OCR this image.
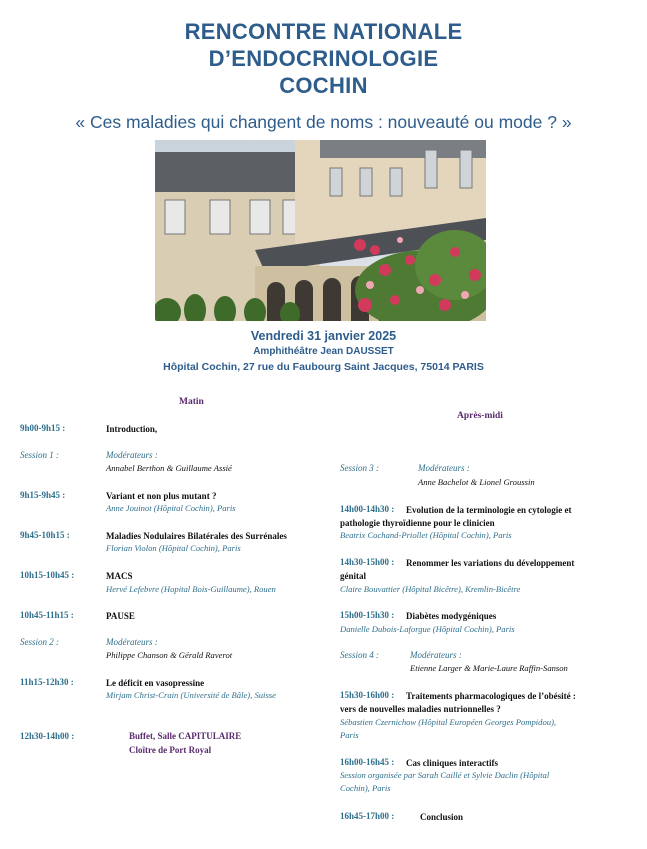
RENCONTRE NATIONALE
D’ENDOCRINOLOGIE
COCHIN
« Ces maladies qui changent de noms : nouveauté ou mode ? »
Vendredi 31 janvier 2025
Amphithéâtre Jean DAUSSET
Hôpital Cochin, 27 rue du Faubourg Saint Jacques, 75014 PARIS
Matin
Après-midi
9h00-9h15 :	Introduction,
Session 1 :	Modérateurs :
Annabel Berthon & Guillaume Assié
9h15-9h45 :	Variant et non plus mutant ?
Anne Jouinot (Hôpital Cochin), Paris
9h45-10h15 :	Maladies Nodulaires Bilatérales des Surrénales
Florian Violon (Hôpital Cochin), Paris
10h15-10h45 :	MACS
Hervé Lefebvre (Hopital Bois-Guillaume), Rouen
10h45-11h15 :	PAUSE
Session 2 :	Modérateurs :
Philippe Chanson & Gérald Raverot
11h15-12h30 :	Le déficit en vasopressine
Mirjam Christ-Crain (Université de Bâle), Suisse
12h30-14h00 :	Buffet, Salle CAPITULAIRE
Cloître de Port Royal
Session 3 :	Modérateurs :
Anne Bachelot & Lionel Groussin
14h00-14h30 : Evolution de la terminologie en cytologie et
pathologie thyroïdienne pour le clinicien
Beatrix Cochand-Priollet (Hôpital Cochin), Paris
14h30-15h00 : Renommer les variations du développement
génital
Claire Bouvattier (Hôpital Bicêtre), Kremlin-Bicêtre
15h00-15h30 : Diabètes modygéniques
Danielle Dubois-Laforgue (Hôpital Cochin), Paris
Session 4 :	Modérateurs :
Etienne Larger & Marie-Laure Raffin-Sanson
15h30-16h00 : Traitements pharmacologiques de l’obésité :
vers de nouvelles maladies nutrionnelles ?
Sébastien Czernichow (Hôpital Européen Georges Pompidou),
Paris
16h00-16h45 : Cas cliniques interactifs
Session organisée par Sarah Caillé et Sylvie Daclin (Hôpital
Cochin), Paris
16h45-17h00 :	Conclusion
